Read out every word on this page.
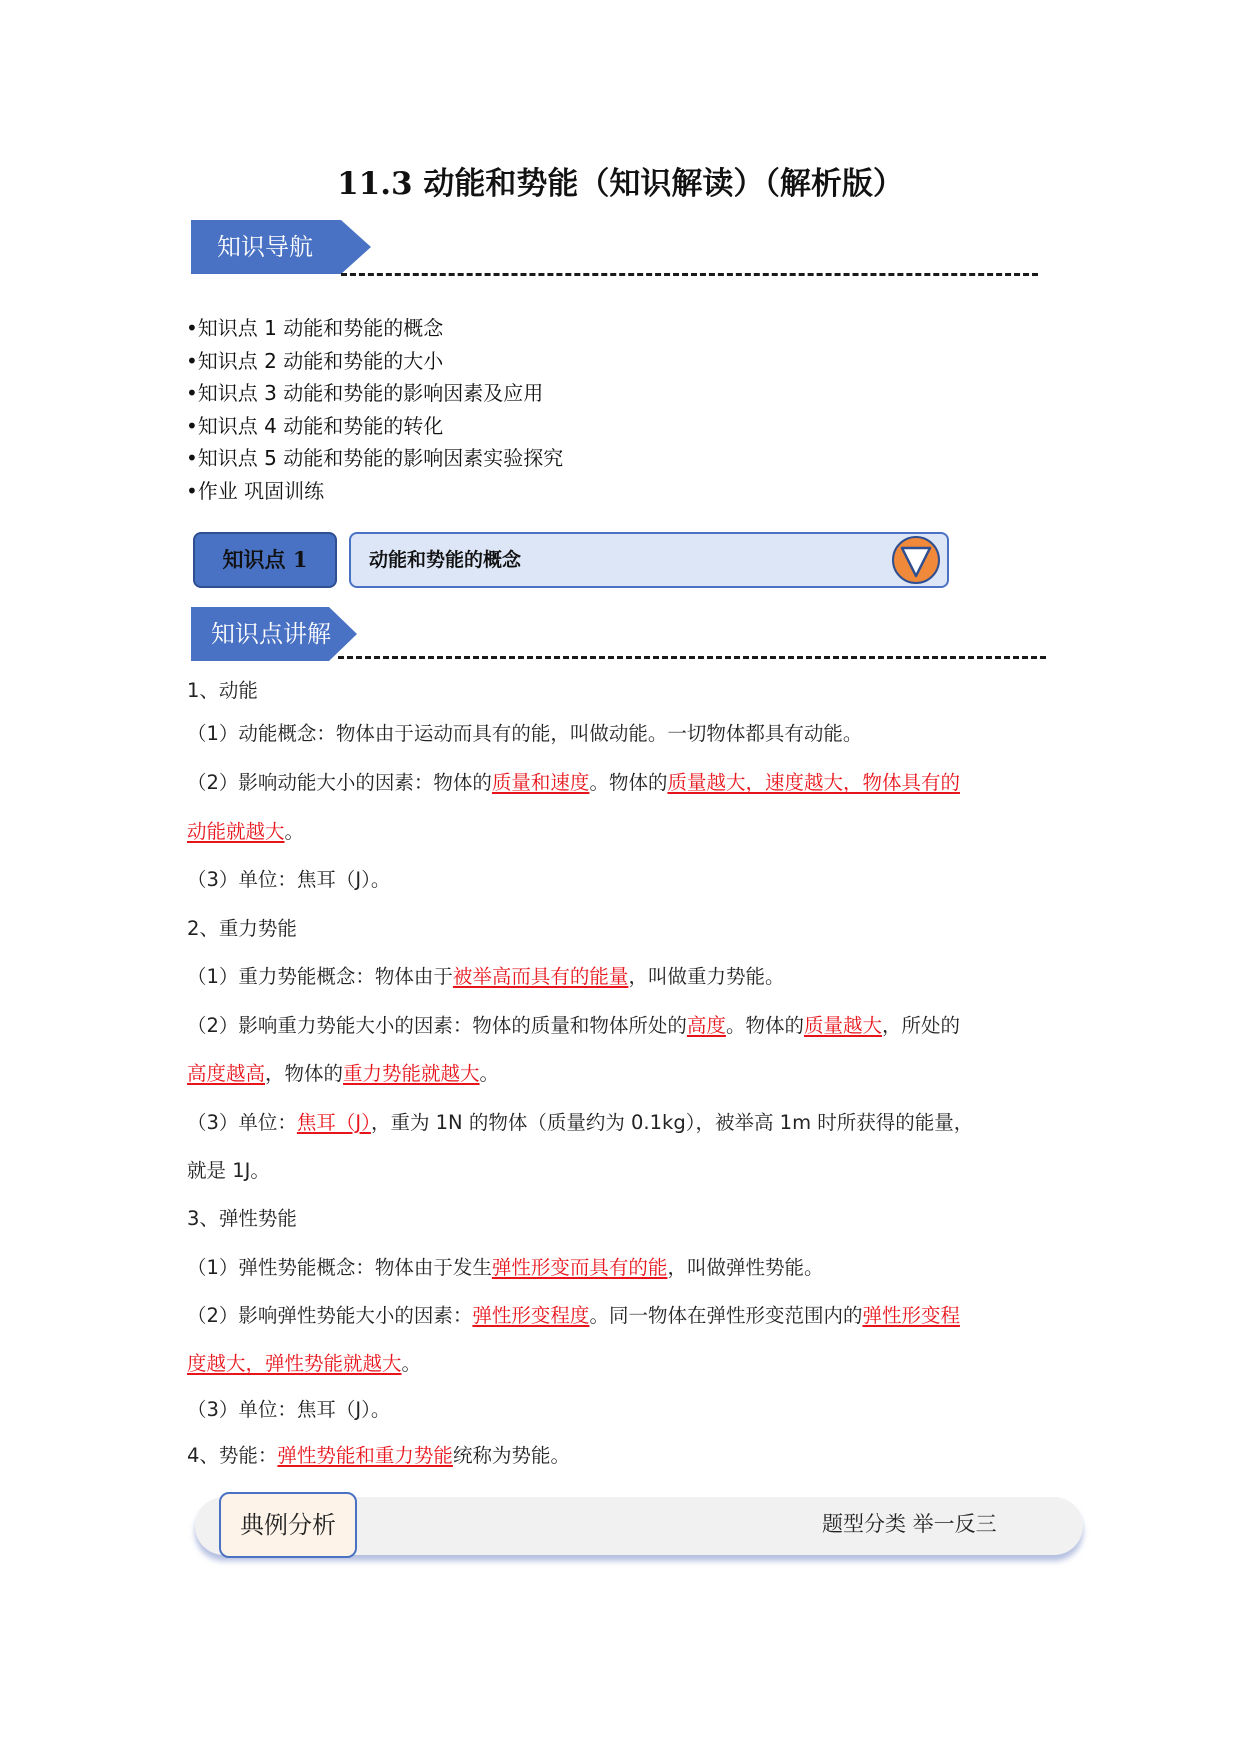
11.3 动能和势能（知识解读）（解析版）
知识导航
•知识点 1 动能和势能的概念
•知识点 2 动能和势能的大小
•知识点 3 动能和势能的影响因素及应用
•知识点 4 动能和势能的转化
•知识点 5 动能和势能的影响因素实验探究
•作业 巩固训练
知识点 1	动能和势能的概念
知识点讲解
1、动能
（1）动能概念：物体由于运动而具有的能，叫做动能。一切物体都具有动能。
（2）影响动能大小的因素：物体的质量和速度。物体的质量越大，速度越大，物体具有的
动能就越大。
（3）单位：焦耳（J）。
2、重力势能
（1）重力势能概念：物体由于被举高而具有的能量，叫做重力势能。
（2）影响重力势能大小的因素：物体的质量和物体所处的高度。物体的质量越大，所处的
高度越高，物体的重力势能就越大。
（3）单位：焦耳（J），重为 1N 的物体（质量约为 0.1kg），被举高 1m 时所获得的能量，
就是 1J。
3、弹性势能
（1）弹性势能概念：物体由于发生弹性形变而具有的能，叫做弹性势能。
（2）影响弹性势能大小的因素：弹性形变程度。同一物体在弹性形变范围内的弹性形变程
度越大，弹性势能就越大。
（3）单位：焦耳（J）。
4、势能：弹性势能和重力势能统称为势能。
典例分析	题型分类 举一反三
